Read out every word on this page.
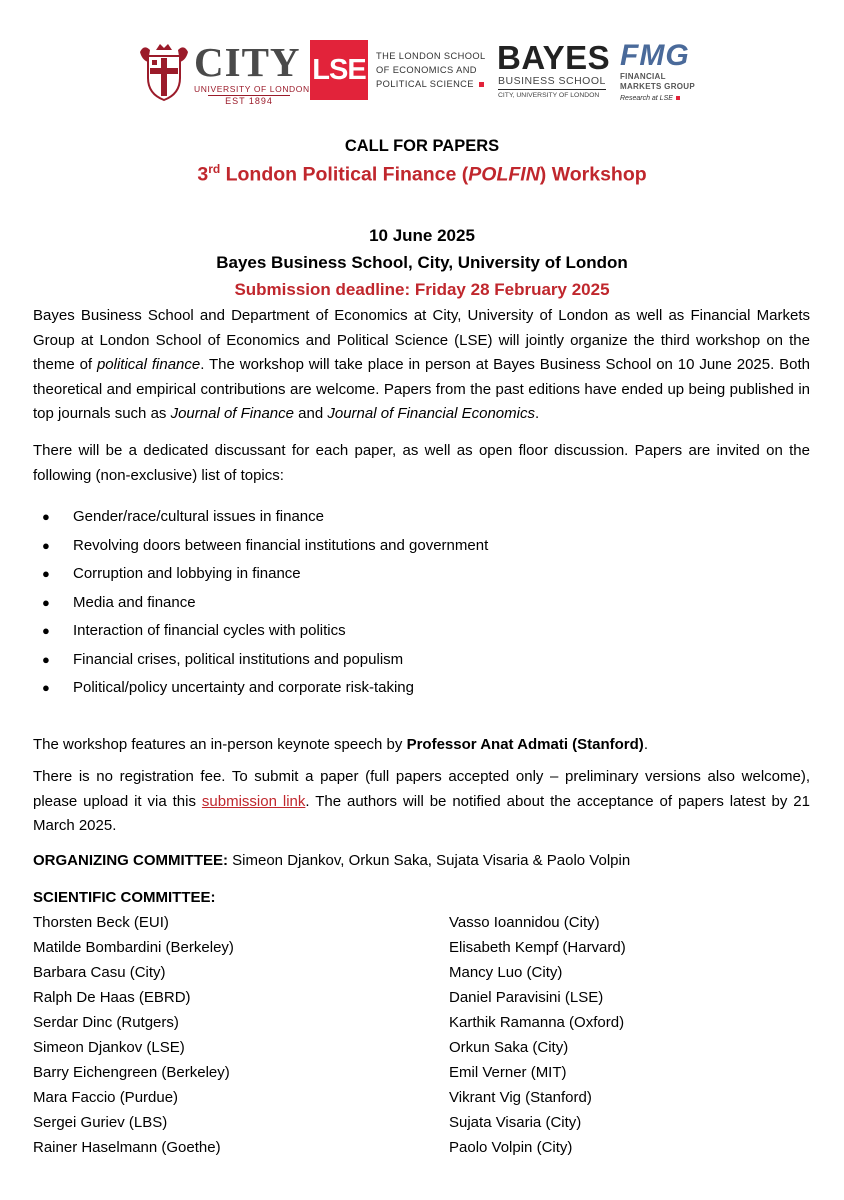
CITY
UNIVERSITY OF LONDON
EST 1894
LSE THE LONDON SCHOOL
OF ECONOMICS AND
POLITICAL SCIENCE
BAYES
BUSINESS SCHOOL
CITY, UNIVERSITY OF LONDON
FMG
FINANCIAL
MARKETS GROUP
Research at LSE
CALL FOR PAPERS
3rd London Political Finance (POLFIN) Workshop
10 June 2025
Bayes Business School, City, University of London
Submission deadline: Friday 28 February 2025
Bayes Business School and Department of Economics at City, University of London as well as Financial Markets Group at London School of Economics and Political Science (LSE) will jointly organize the third workshop on the theme of political finance. The workshop will take place in person at Bayes Business School on 10 June 2025. Both theoretical and empirical contributions are welcome. Papers from the past editions have ended up being published in top journals such as Journal of Finance and Journal of Financial Economics.
There will be a dedicated discussant for each paper, as well as open floor discussion. Papers are invited on the following (non-exclusive) list of topics:
● Gender/race/cultural issues in finance
● Revolving doors between financial institutions and government
● Corruption and lobbying in finance
● Media and finance
● Interaction of financial cycles with politics
● Financial crises, political institutions and populism
● Political/policy uncertainty and corporate risk-taking
The workshop features an in-person keynote speech by Professor Anat Admati (Stanford).
There is no registration fee. To submit a paper (full papers accepted only – preliminary versions also welcome), please upload it via this submission link. The authors will be notified about the acceptance of papers latest by 21 March 2025.
ORGANIZING COMMITTEE: Simeon Djankov, Orkun Saka, Sujata Visaria & Paolo Volpin
SCIENTIFIC COMMITTEE:
Thorsten Beck (EUI)
Matilde Bombardini (Berkeley)
Barbara Casu (City)
Ralph De Haas (EBRD)
Serdar Dinc (Rutgers)
Simeon Djankov (LSE)
Barry Eichengreen (Berkeley)
Mara Faccio (Purdue)
Sergei Guriev (LBS)
Rainer Haselmann (Goethe)
Vasso Ioannidou (City)
Elisabeth Kempf (Harvard)
Mancy Luo (City)
Daniel Paravisini (LSE)
Karthik Ramanna (Oxford)
Orkun Saka (City)
Emil Verner (MIT)
Vikrant Vig (Stanford)
Sujata Visaria (City)
Paolo Volpin (City)
